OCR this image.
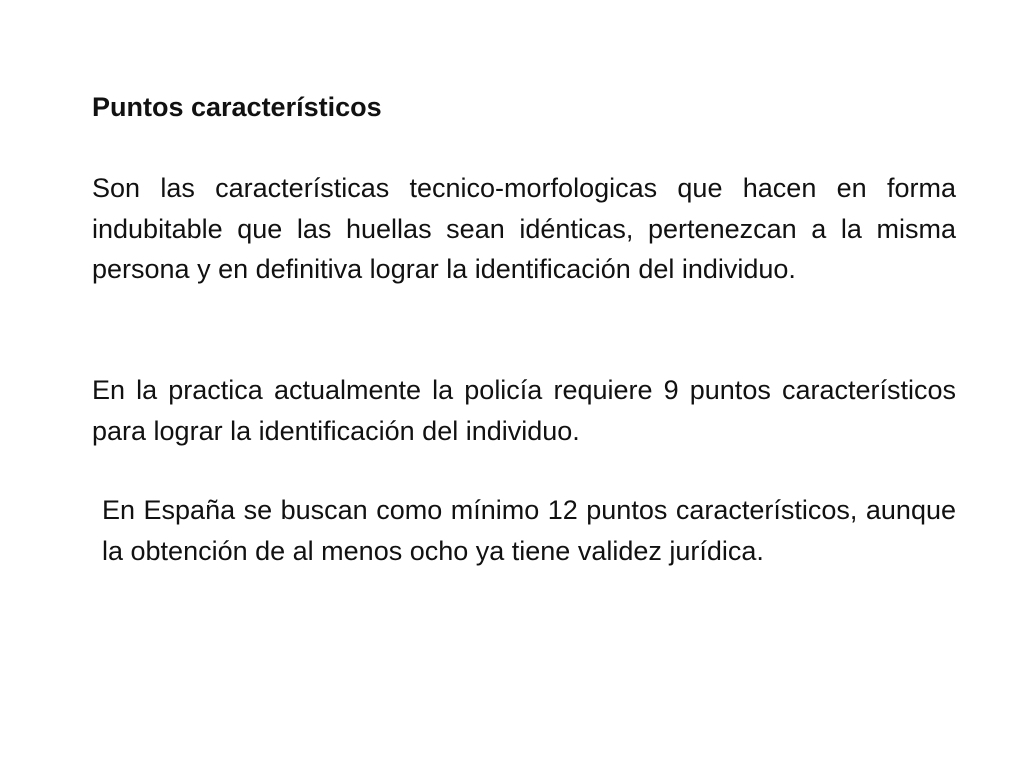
Puntos característicos

Son las características tecnico-morfologicas que hacen en forma indubitable que las huellas sean idénticas, pertenezcan a la misma persona y en definitiva lograr la identificación del individuo.

En la practica actualmente la policía requiere 9 puntos característicos para lograr la identificación del individuo.

En España se buscan como mínimo 12 puntos característicos, aunque la obtención de al menos ocho ya tiene validez jurídica.
